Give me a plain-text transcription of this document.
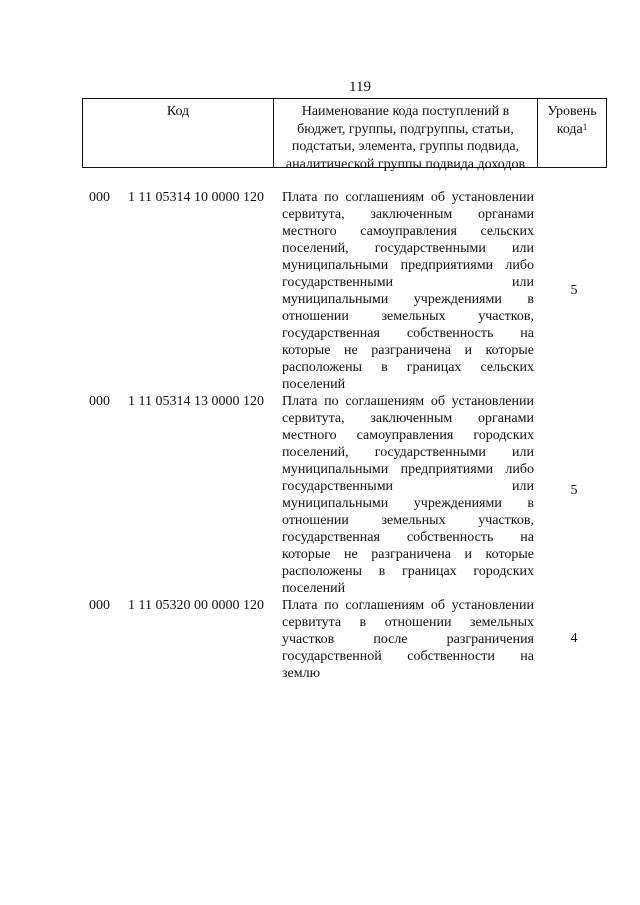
119
Код	Наименование кода поступлений в
бюджет, группы, подгруппы, статьи,
подстатьи, элемента, группы подвида,
аналитической группы подвида доходов
Уровень
кода$^1$
000 1 11 05314 10 0000 120
5
Плата по соглашениям об установлении
сервитута, заключенным органами
местного самоуправления сельских
поселений, государственными или
муниципальными предприятиями либо
государственными или
муниципальными учреждениями в
отношении земельных участков,
государственная собственность на
которые не разграничена и которые
расположены в границах сельских
поселений
000 1 11 05314 13 0000 120
5
Плата по соглашениям об установлении
сервитута, заключенным органами
местного самоуправления городских
поселений, государственными или
муниципальными предприятиями либо
государственными или
муниципальными учреждениями в
отношении земельных участков,
государственная собственность на
которые не разграничена и которые
расположены в границах городских
поселений
000 1 11 05320 00 0000 120
4
Плата по соглашениям об установлении
сервитута в отношении земельных
участков после разграничения
государственной собственности на
землю
